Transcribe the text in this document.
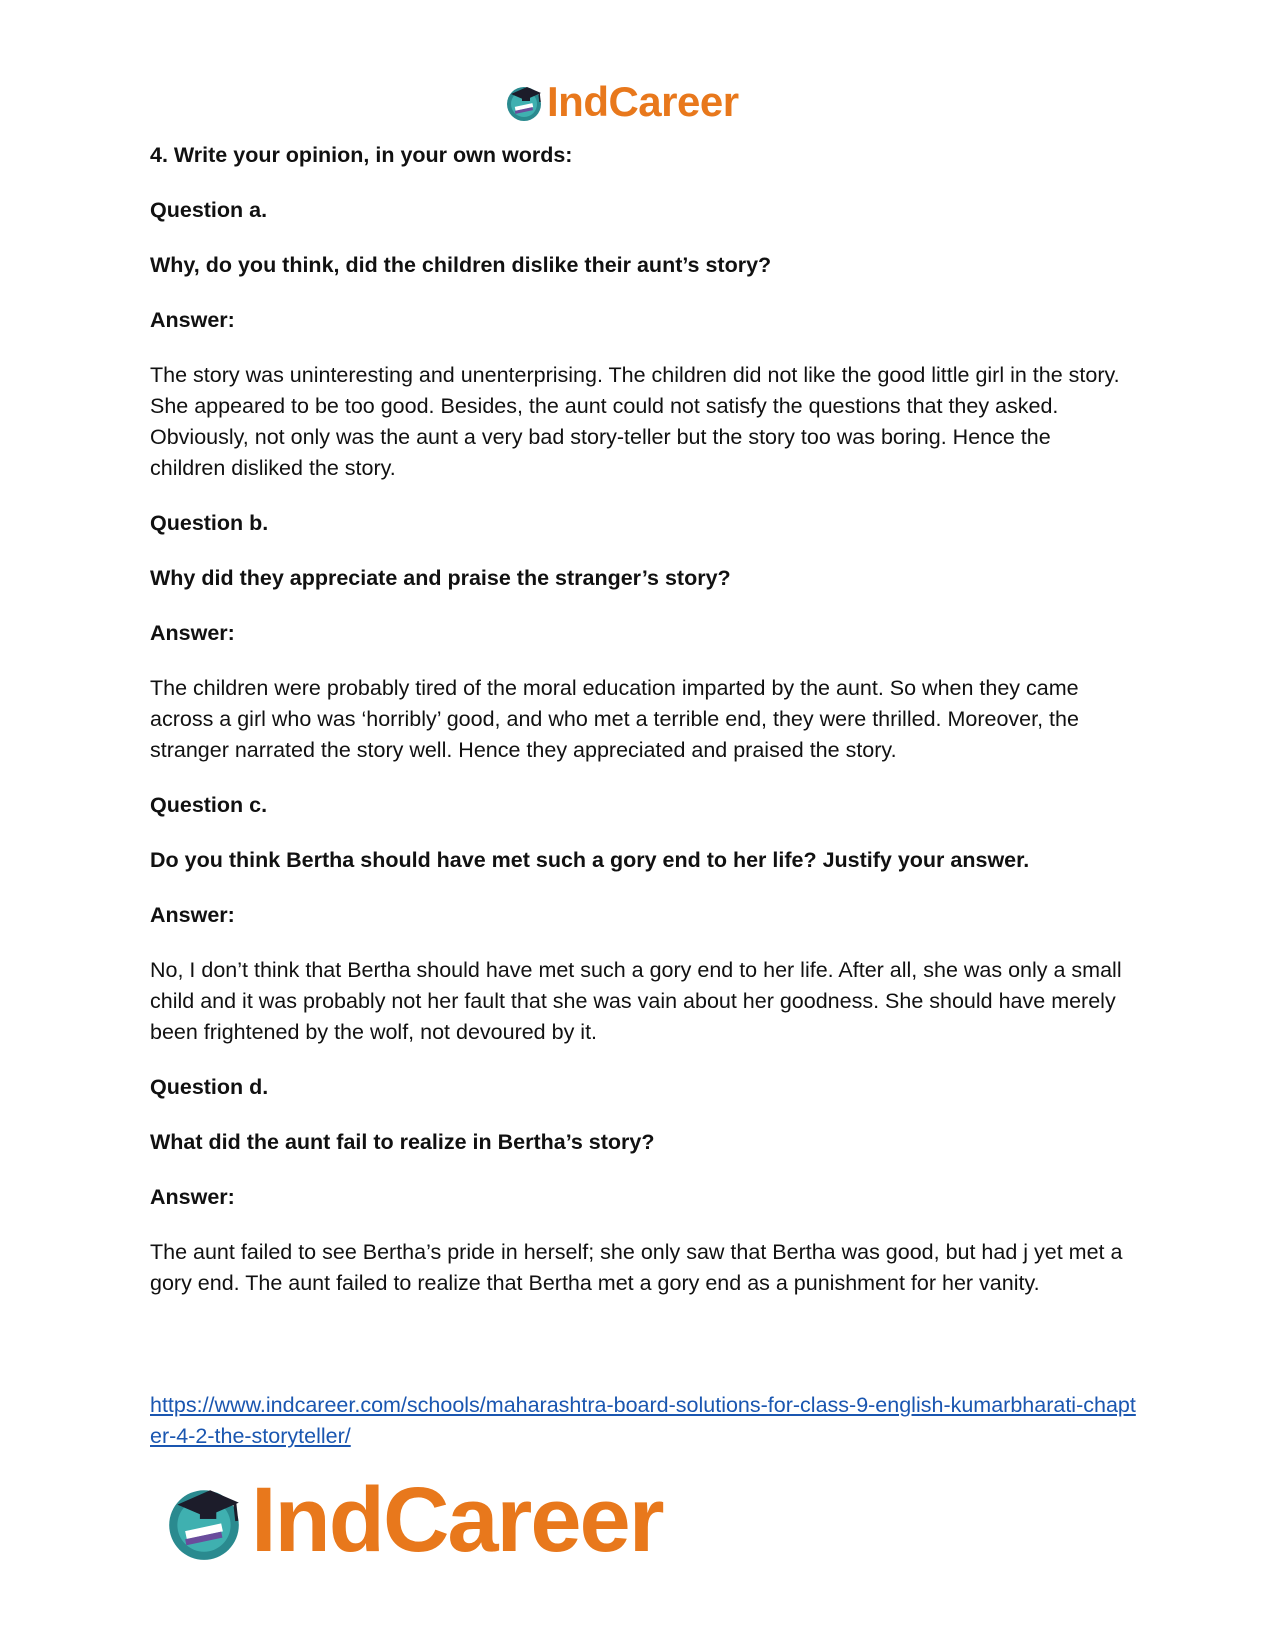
IndCareer

4. Write your opinion, in your own words:

Question a.

Why, do you think, did the children dislike their aunt’s story?

Answer:

The story was uninteresting and unenterprising. The children did not like the good little girl in the story. She appeared to be too good. Besides, the aunt could not satisfy the questions that they asked. Obviously, not only was the aunt a very bad story-teller but the story too was boring. Hence the children disliked the story.

Question b.

Why did they appreciate and praise the stranger’s story?

Answer:

The children were probably tired of the moral education imparted by the aunt. So when they came across a girl who was ‘horribly’ good, and who met a terrible end, they were thrilled. Moreover, the stranger narrated the story well. Hence they appreciated and praised the story.

Question c.

Do you think Bertha should have met such a gory end to her life? Justify your answer.

Answer:

No, I don’t think that Bertha should have met such a gory end to her life. After all, she was only a small child and it was probably not her fault that she was vain about her goodness. She should have merely been frightened by the wolf, not devoured by it.

Question d.

What did the aunt fail to realize in Bertha’s story?

Answer:

The aunt failed to see Bertha’s pride in herself; she only saw that Bertha was good, but had j yet met a gory end. The aunt failed to realize that Bertha met a gory end as a punishment for her vanity.

https://www.indcareer.com/schools/maharashtra-board-solutions-for-class-9-english-kumarbharati-chapter-4-2-the-storyteller/
IndCareer
